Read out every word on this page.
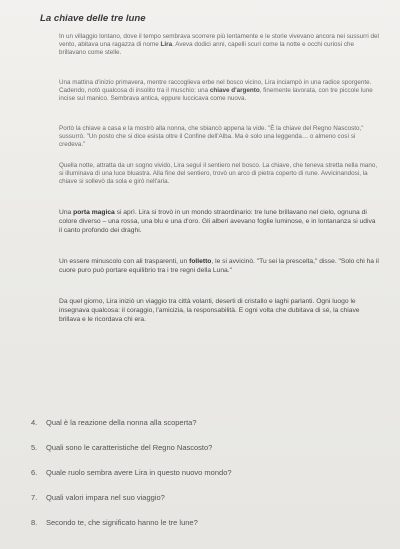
La chiave delle tre lune

In un villaggio lontano, dove il tempo sembrava scorrere più lentamente e le storie vivevano ancora nei sussurri del vento, abitava una ragazza di nome Lira. Aveva dodici anni, capelli scuri come la notte e occhi curiosi che brillavano come stelle.

Una mattina d'inizio primavera, mentre raccoglieva erbe nel bosco vicino, Lira inciampò in una radice sporgente. Cadendo, notò qualcosa di insolito tra il muschio: una chiave d'argento, finemente lavorata, con tre piccole lune incise sul manico. Sembrava antica, eppure luccicava come nuova.

Portò la chiave a casa e la mostrò alla nonna, che sbiancò appena la vide. "È la chiave del Regno Nascosto," sussurrò. "Un posto che si dice esista oltre il Confine dell'Alba. Ma è solo una leggenda… o almeno così si credeva."

Quella notte, attratta da un sogno vivido, Lira seguì il sentiero nel bosco. La chiave, che teneva stretta nella mano, si illuminava di una luce bluastra. Alla fine del sentiero, trovò un arco di pietra coperto di rune. Avvicinandosi, la chiave si sollevò da sola e girò nell'aria.

Una porta magica si aprì. Lira si trovò in un mondo straordinario: tre lune brillavano nel cielo, ognuna di colore diverso – una rossa, una blu e una d'oro. Gli alberi avevano foglie luminose, e in lontananza si udiva il canto profondo dei draghi.

Un essere minuscolo con ali trasparenti, un folletto, le si avvicinò. "Tu sei la prescelta," disse. "Solo chi ha il cuore puro può portare equilibrio tra i tre regni della Luna."

Da quel giorno, Lira iniziò un viaggio tra città volanti, deserti di cristallo e laghi parlanti. Ogni luogo le insegnava qualcosa: il coraggio, l'amicizia, la responsabilità. E ogni volta che dubitava di sé, la chiave brillava e le ricordava chi era.

4. Qual è la reazione della nonna alla scoperta?
5. Quali sono le caratteristiche del Regno Nascosto?
6. Quale ruolo sembra avere Lira in questo nuovo mondo?
7. Quali valori impara nel suo viaggio?
8. Secondo te, che significato hanno le tre lune?
